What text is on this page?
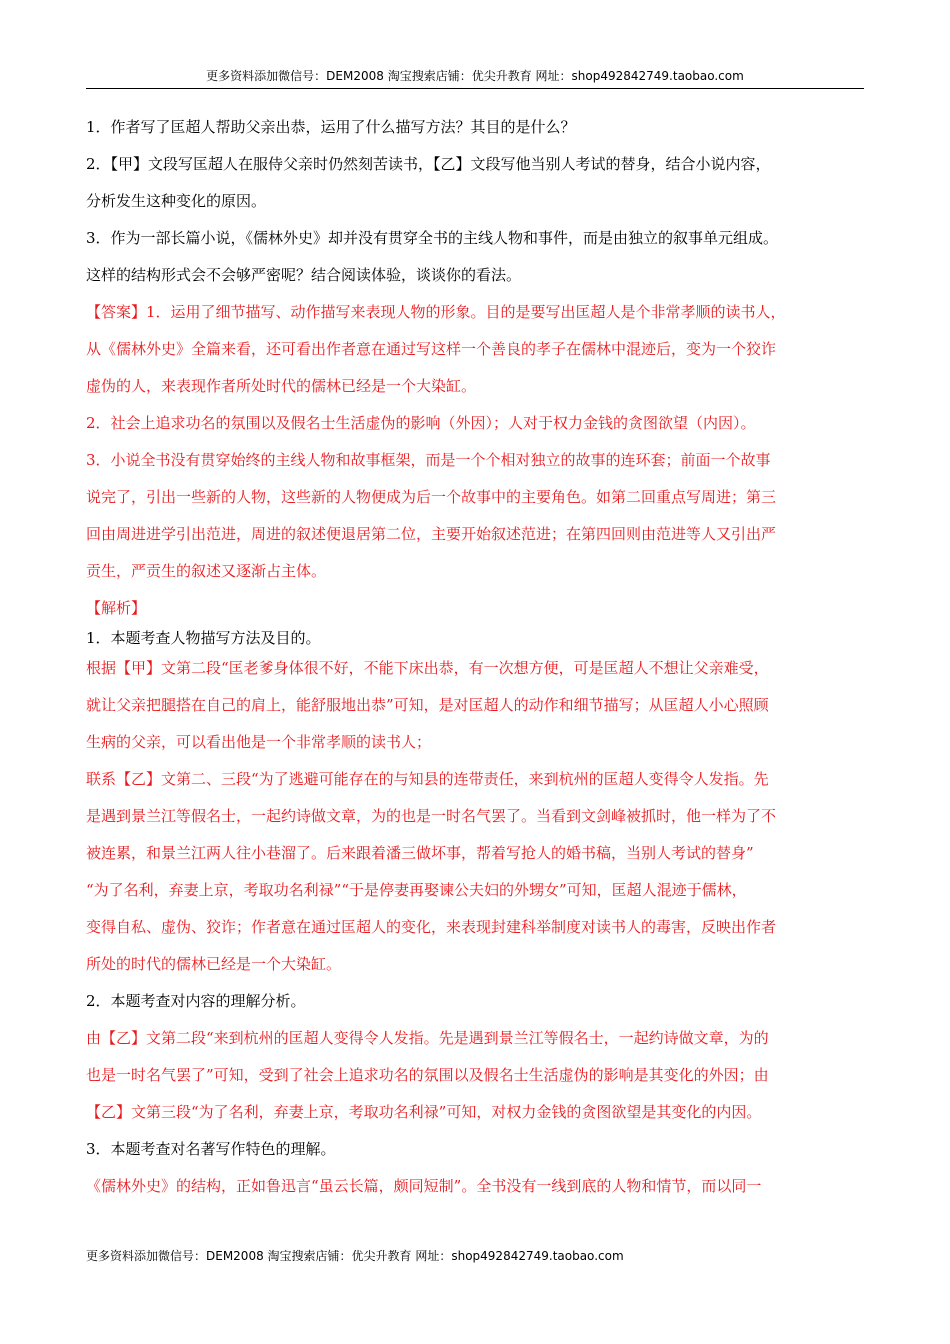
更多资料添加微信号：DEM2008 淘宝搜索店铺：优尖升教育 网址：shop492842749.taobao.com
1．作者写了匡超人帮助父亲出恭，运用了什么描写方法？其目的是什么？
2．【甲】文段写匡超人在服侍父亲时仍然刻苦读书，【乙】文段写他当别人考试的替身，结合小说内容，
分析发生这种变化的原因。
3．作为一部长篇小说，《儒林外史》却并没有贯穿全书的主线人物和事件，而是由独立的叙事单元组成。
这样的结构形式会不会够严密呢？结合阅读体验，谈谈你的看法。
【答案】1．运用了细节描写、动作描写来表现人物的形象。目的是要写出匡超人是个非常孝顺的读书人，
从《儒林外史》全篇来看，还可看出作者意在通过写这样一个善良的孝子在儒林中混迹后，变为一个狡诈
虚伪的人，来表现作者所处时代的儒林已经是一个大染缸。
2．社会上追求功名的氛围以及假名士生活虚伪的影响（外因）；人对于权力金钱的贪图欲望（内因）。
3．小说全书没有贯穿始终的主线人物和故事框架，而是一个个相对独立的故事的连环套；前面一个故事
说完了，引出一些新的人物，这些新的人物便成为后一个故事中的主要角色。如第二回重点写周进；第三
回由周进进学引出范进，周进的叙述便退居第二位，主要开始叙述范进；在第四回则由范进等人又引出严
贡生，严贡生的叙述又逐渐占主体。
【解析】
1．本题考查人物描写方法及目的。
根据【甲】文第二段“匡老爹身体很不好，不能下床出恭，有一次想方便，可是匡超人不想让父亲难受，
就让父亲把腿搭在自己的肩上，能舒服地出恭”可知，是对匡超人的动作和细节描写；从匡超人小心照顾
生病的父亲，可以看出他是一个非常孝顺的读书人；
联系【乙】文第二、三段“为了逃避可能存在的与知县的连带责任，来到杭州的匡超人变得令人发指。先
是遇到景兰江等假名士，一起约诗做文章，为的也是一时名气罢了。当看到文剑峰被抓时，他一样为了不
被连累，和景兰江两人往小巷溜了。后来跟着潘三做坏事，帮着写抢人的婚书稿，当别人考试的替身”
“为了名利，弃妻上京，考取功名利禄”“于是停妻再娶谏公夫妇的外甥女”可知，匡超人混迹于儒林，
变得自私、虚伪、狡诈；作者意在通过匡超人的变化，来表现封建科举制度对读书人的毒害，反映出作者
所处的时代的儒林已经是一个大染缸。
2．本题考查对内容的理解分析。
由【乙】文第二段“来到杭州的匡超人变得令人发指。先是遇到景兰江等假名士，一起约诗做文章，为的
也是一时名气罢了”可知，受到了社会上追求功名的氛围以及假名士生活虚伪的影响是其变化的外因；由
【乙】文第三段“为了名利，弃妻上京，考取功名利禄”可知，对权力金钱的贪图欲望是其变化的内因。
3．本题考查对名著写作特色的理解。
《儒林外史》的结构，正如鲁迅言“虽云长篇，颇同短制”。全书没有一线到底的人物和情节，而以同一
更多资料添加微信号：DEM2008 淘宝搜索店铺：优尖升教育 网址：shop492842749.taobao.com
